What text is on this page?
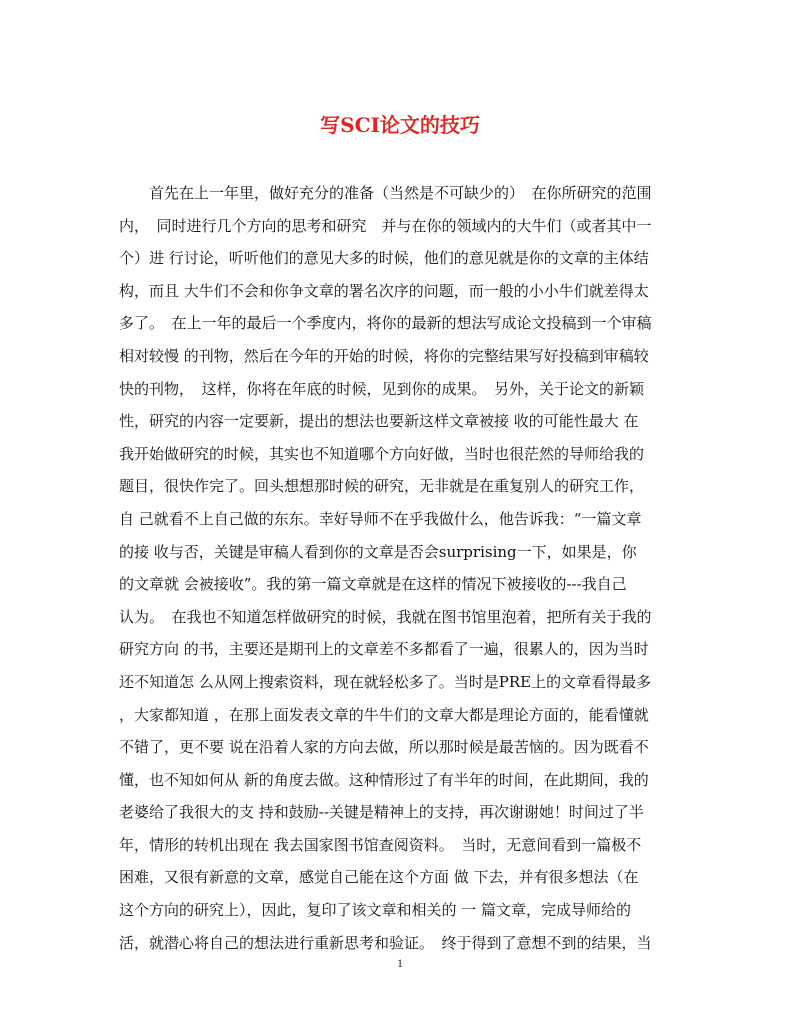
写SCI论文的技巧
　　首先在上一年里，做好充分的准备（当然是不可缺少的）　在你所研究的范围
内，　同时进行几个方向的思考和研究　并与在你的领域内的大牛们（或者其中一
个）进 行讨论，听听他们的意见大多的时候，他们的意见就是你的文章的主体结
构，而且 大牛们不会和你争文章的署名次序的问题，而一般的小小牛们就差得太
多了。　在上一年的最后一个季度内，将你的最新的想法写成论文投稿到一个审稿
相对较慢 的刊物，然后在今年的开始的时候，将你的完整结果写好投稿到审稿较
快的刊物，　这样，你将在年底的时候，见到你的成果。　另外，关于论文的新颖
性，研究的内容一定要新，提出的想法也要新这样文章被接 收的可能性最大 在
我开始做研究的时候，其实也不知道哪个方向好做，当时也很茫然的导师给我的
题目，很快作完了。回头想想那时候的研究，无非就是在重复别人的研究工作，
自 己就看不上自己做的东东。幸好导师不在乎我做什么，他告诉我：“一篇文章
的接 收与否，关键是审稿人看到你的文章是否会surprising一下，如果是，你
的文章就 会被接收”。我的第一篇文章就是在这样的情况下被接收的---我自己
认为。　在我也不知道怎样做研究的时候，我就在图书馆里泡着，把所有关于我的
研究方向 的书，主要还是期刊上的文章差不多都看了一遍，很累人的，因为当时
还不知道怎 么从网上搜索资料，现在就轻松多了。当时是PRE上的文章看得最多
，大家都知道 ，在那上面发表文章的牛牛们的文章大都是理论方面的，能看懂就
不错了，更不要 说在沿着人家的方向去做，所以那时候是最苦恼的。因为既看不
懂，也不知如何从 新的角度去做。这种情形过了有半年的时间，在此期间，我的
老婆给了我很大的支 持和鼓励--关键是精神上的支持，再次谢谢她！时间过了半
年，情形的转机出现在 我去国家图书馆查阅资料。　当时，无意间看到一篇极不
困难，又很有新意的文章，感觉自己能在这个方面 做 下去，并有很多想法（在
这个方向的研究上），因此，复印了该文章和相关的 一 篇文章，完成导师给的
活，就潜心将自己的想法进行重新思考和验证。　终于得到了意想不到的结果，当
1
